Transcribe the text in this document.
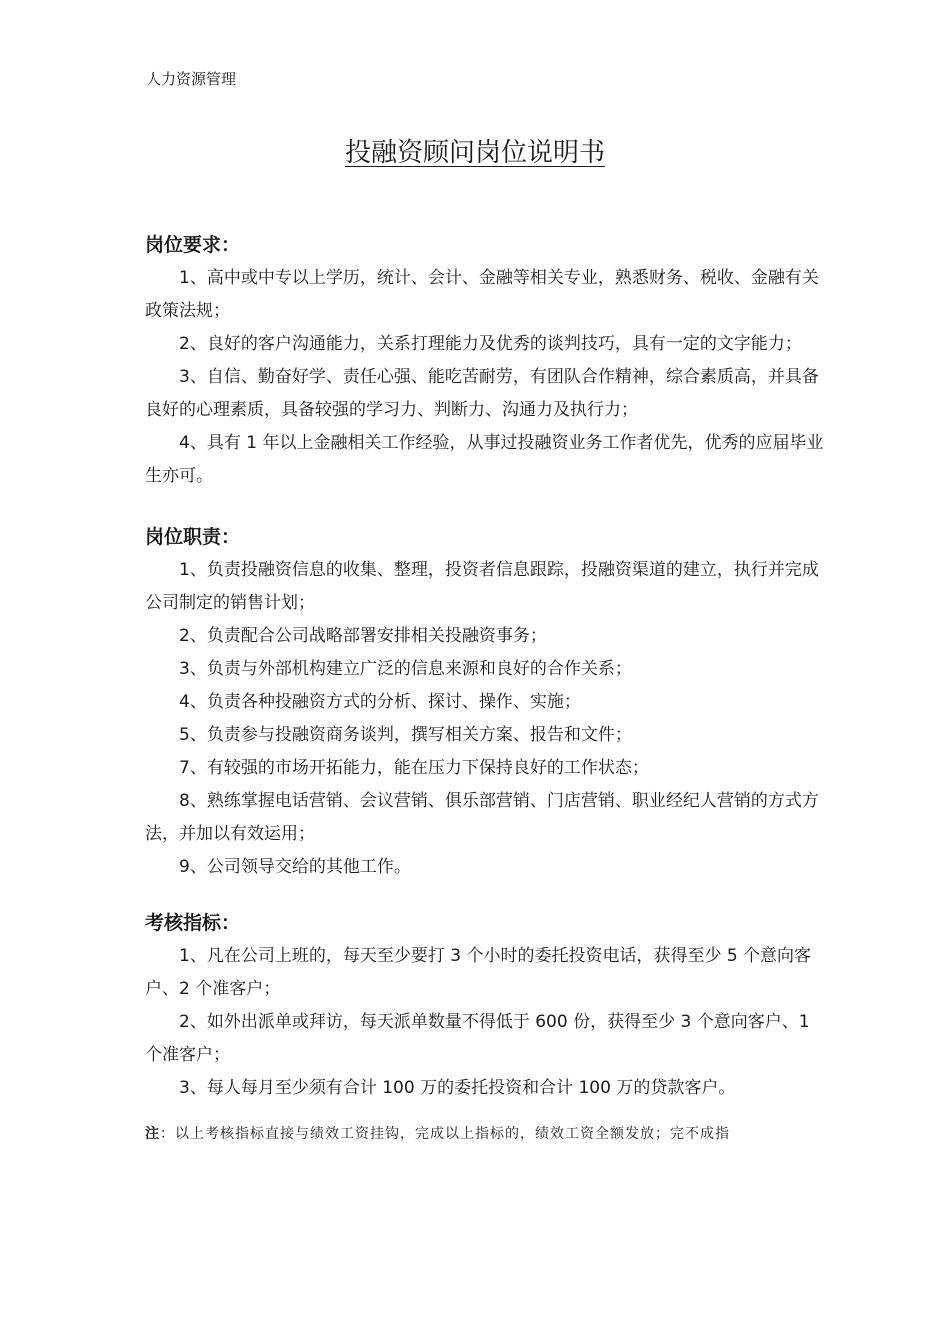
人力资源管理
投融资顾问岗位说明书
岗位要求：

1、高中或中专以上学历，统计、会计、金融等相关专业，熟悉财务、税收、金融有关政策法规；

2、良好的客户沟通能力，关系打理能力及优秀的谈判技巧，具有一定的文字能力；

3、自信、勤奋好学、责任心强、能吃苦耐劳，有团队合作精神，综合素质高，并具备良好的心理素质，具备较强的学习力、判断力、沟通力及执行力；

4、具有 1 年以上金融相关工作经验，从事过投融资业务工作者优先，优秀的应届毕业生亦可。

岗位职责：

1、负责投融资信息的收集、整理，投资者信息跟踪，投融资渠道的建立，执行并完成公司制定的销售计划；

2、负责配合公司战略部署安排相关投融资事务；

3、负责与外部机构建立广泛的信息来源和良好的合作关系；

4、负责各种投融资方式的分析、探讨、操作、实施；

5、负责参与投融资商务谈判，撰写相关方案、报告和文件；

7、有较强的市场开拓能力，能在压力下保持良好的工作状态；

8、熟练掌握电话营销、会议营销、俱乐部营销、门店营销、职业经纪人营销的方式方法，并加以有效运用；

9、公司领导交给的其他工作。

考核指标：

1、凡在公司上班的，每天至少要打 3 个小时的委托投资电话，获得至少 5 个意向客户、2 个准客户；

2、如外出派单或拜访，每天派单数量不得低于 600 份，获得至少 3 个意向客户、1 个准客户；

3、每人每月至少须有合计 100 万的委托投资和合计 100 万的贷款客户。

注：以上考核指标直接与绩效工资挂钩，完成以上指标的，绩效工资全额发放；完不成指
